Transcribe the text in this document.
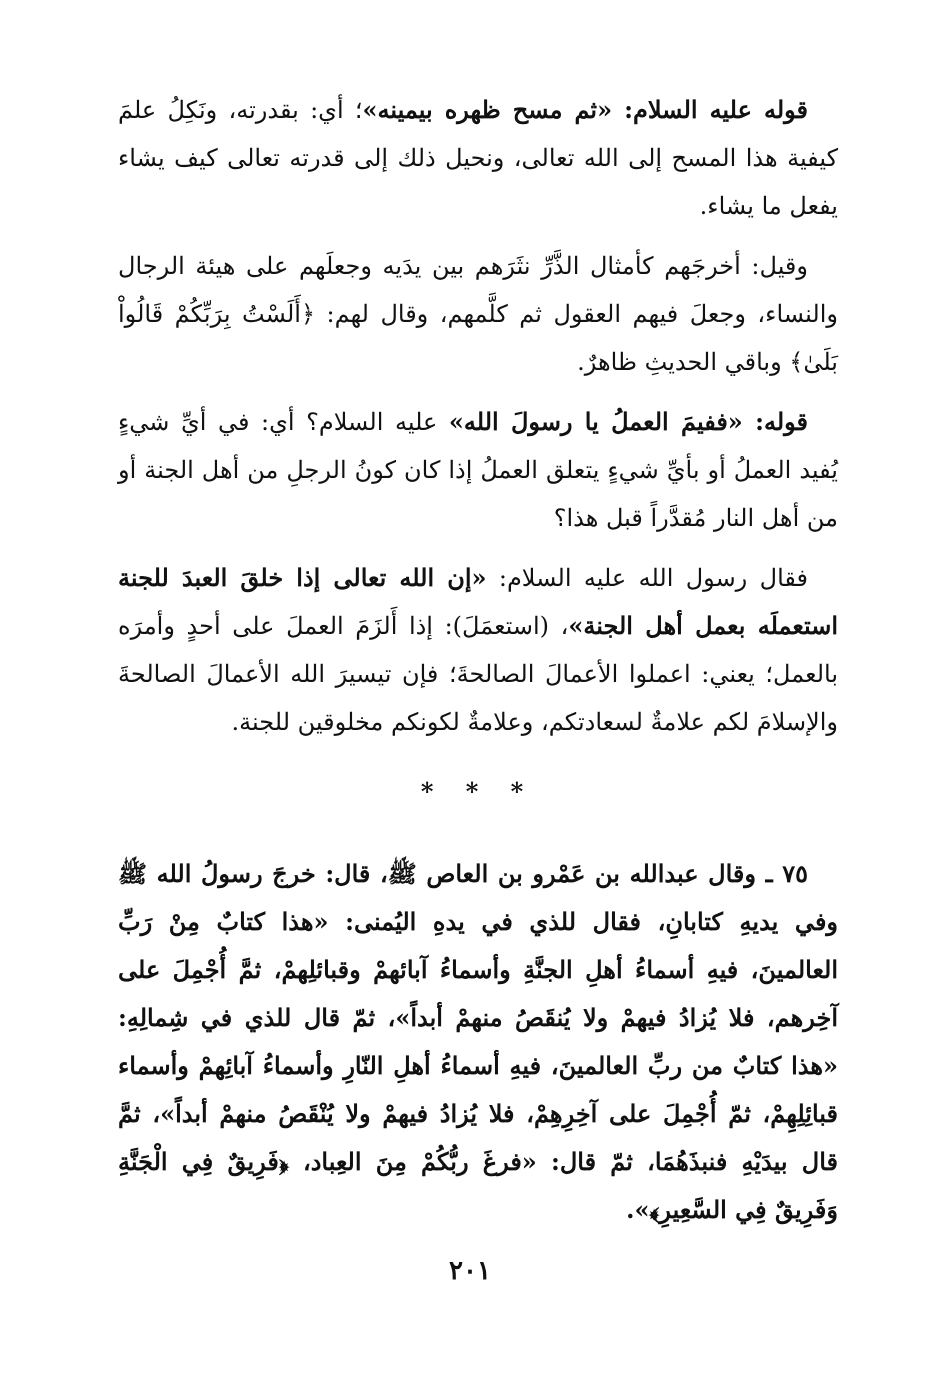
قوله عليه السلام: «ثم مسح ظهره بيمينه»؛ أي: بقدرته، ونَكِلُ علمَ كيفية هذا المسح إلى الله تعالى، ونحيل ذلك إلى قدرته تعالى كيف يشاء يفعل ما يشاء.

وقيل: أخرجَهم كأمثال الذَّرِّ نثَرَهم بين يدَيه وجعلَهم على هيئة الرجال والنساء، وجعلَ فيهم العقول ثم كلَّمهم، وقال لهم: ﴿أَلَسْتُ بِرَبِّكُمْ قَالُواْ بَلَىٰ﴾ وباقي الحديثِ ظاهرٌ.

قوله: «ففيمَ العملُ يا رسولَ الله» عليه السلام؟ أي: في أيِّ شيءٍ يُفيد العملُ أو بأيِّ شيءٍ يتعلق العملُ إذا كان كونُ الرجلِ من أهل الجنة أو من أهل النار مُقدَّراً قبل هذا؟

فقال رسول الله عليه السلام: «إن الله تعالى إذا خلقَ العبدَ للجنة استعملَه بعمل أهل الجنة»، (استعمَلَ): إذا أَلزَمَ العملَ على أحدٍ وأمرَه بالعمل؛ يعني: اعملوا الأعمالَ الصالحةَ؛ فإن تيسيرَ الله الأعمالَ الصالحةَ والإسلامَ لكم علامةٌ لسعادتكم، وعلامةٌ لكونكم مخلوقين للجنة.

* * *

٧٥ ـ وقال عبدالله بن عَمْرو بن العاص ﷺ، قال: خرجَ رسولُ الله ﷺ وفي يديهِ كتابانِ، فقال للذي في يدهِ اليُمنى: «هذا كتابٌ مِنْ رَبِّ العالمينَ، فيهِ أسماءُ أهلِ الجنَّةِ وأسماءُ آبائهمْ وقبائلِهمْ، ثمَّ أُجْمِلَ على آخِرهم، فلا يُزادُ فيهمْ ولا يُنقَصُ منهمْ أبداً»، ثمّ قال للذي في شِمالِهِ: «هذا كتابٌ من ربِّ العالمينَ، فيهِ أسماءُ أهلِ النّارِ وأسماءُ آبائِهمْ وأسماء قبائِلِهِمْ، ثمّ أُجْمِلَ على آخِرِهِمْ، فلا يُزادُ فيهمْ ولا يُنْقَصُ منهمْ أبداً»، ثمَّ قال بيدَيْهِ فنبذَهُمَا، ثمّ قال: «فرغَ ربُّكُمْ مِنَ العِباد، ﴿فَرِيقٌ فِي الْجَنَّةِ وَفَرِيقٌ فِي السَّعِيرِ﴾».

٢٠١
